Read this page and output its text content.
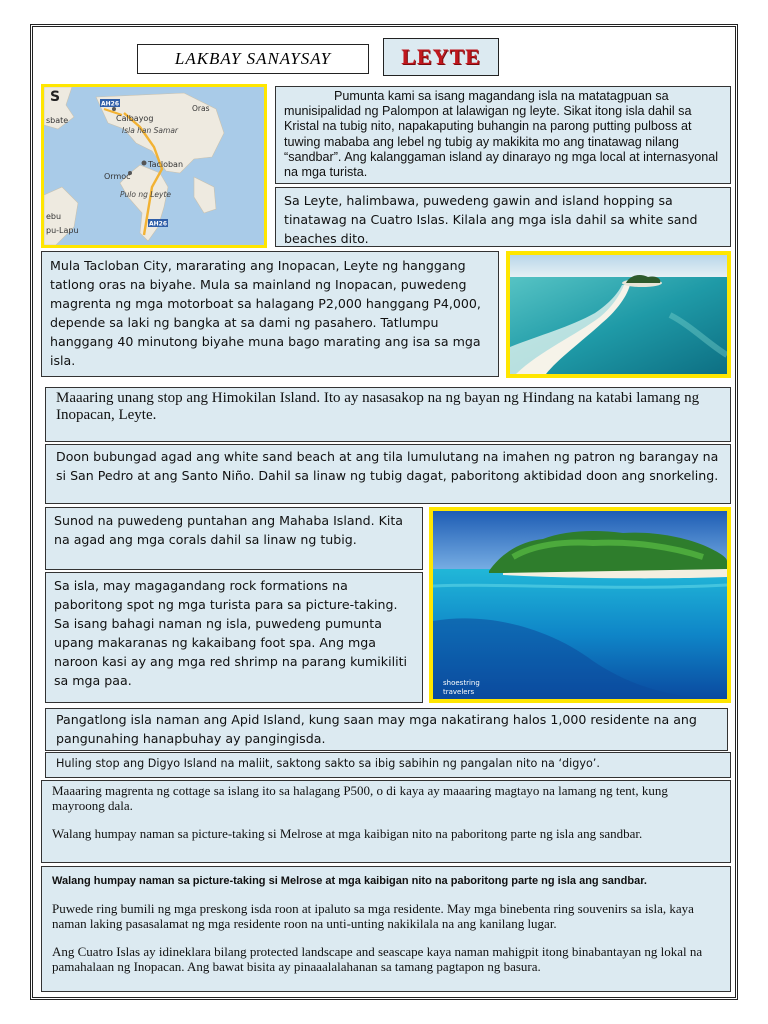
LAKBAY SANAYSAY	LEYTE
AH26
AH26
S
sbate	Calbayog
Isla han Samar
Oras
Tacloban
Ormoc
Pulo ng Leyte
ebu
pu-Lapu

Pumunta kami sa isang magandang isla na matatagpuan sa munisipalidad ng Palompon at lalawigan ng leyte. Sikat itong isla dahil sa Kristal na tubig nito, napakaputing buhangin na parong putting pulboss at tuwing mababa ang lebel ng tubig ay makikita mo ang tinatawag nilang “sandbar”. Ang kalanggaman island ay dinarayo ng mga local at internasyonal na mga turista.

Sa Leyte, halimbawa, puwedeng gawin and island hopping sa tinatawag na Cuatro Islas. Kilala ang mga isla dahil sa white sand beaches dito.

Mula Tacloban City, mararating ang Inopacan, Leyte ng hanggang tatlong oras na biyahe. Mula sa mainland ng Inopacan, puwedeng magrenta ng mga motorboat sa halagang P2,000 hanggang P4,000, depende sa laki ng bangka at sa dami ng pasahero. Tatlumpu hanggang 40 minutong biyahe muna bago marating ang isa sa mga isla.

Maaaring unang stop ang Himokilan Island. Ito ay nasasakop na ng bayan ng Hindang na katabi lamang ng Inopacan, Leyte.

Doon bubungad agad ang white sand beach at ang tila lumulutang na imahen ng patron ng barangay na si San Pedro at ang Santo Niño. Dahil sa linaw ng tubig dagat, paboritong aktibidad doon ang snorkeling.

Sunod na puwedeng puntahan ang Mahaba Island. Kita na agad ang mga corals dahil sa linaw ng tubig.

Sa isla, may magagandang rock formations na paboritong spot ng mga turista para sa picture-taking. Sa isang bahagi naman ng isla, puwedeng pumunta upang makaranas ng kakaibang foot spa. Ang mga naroon kasi ay ang mga red shrimp na parang kumikiliti sa mga paa.	shoestring
travelers

Pangatlong isla naman ang Apid Island, kung saan may mga nakatirang halos 1,000 residente na ang pangunahing hanapbuhay ay pangingisda.

Huling stop ang Digyo Island na maliit, saktong sakto sa ibig sabihin ng pangalan nito na ‘digyo’.

Maaaring magrenta ng cottage sa islang ito sa halagang P500, o di kaya ay maaaring magtayo na lamang ng tent, kung mayroong dala.

Walang humpay naman sa picture-taking si Melrose at mga kaibigan nito na paboritong parte ng isla ang sandbar.

Walang humpay naman sa picture-taking si Melrose at mga kaibigan nito na paboritong parte ng isla ang sandbar.

Puwede ring bumili ng mga preskong isda roon at ipaluto sa mga residente. May mga binebenta ring souvenirs sa isla, kaya naman laking pasasalamat ng mga residente roon na unti-unting nakikilala na ang kanilang lugar.

Ang Cuatro Islas ay idineklara bilang protected landscape and seascape kaya naman mahigpit itong binabantayan ng lokal na pamahalaan ng Inopacan. Ang bawat bisita ay pinaaalalahanan sa tamang pagtapon ng basura.
